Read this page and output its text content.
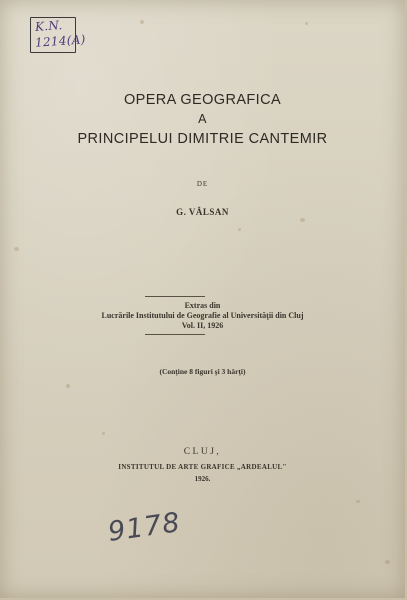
K.N.
1214(A)
OPERA GEOGRAFICA
A
PRINCIPELUI DIMITRIE CANTEMIR
DE
G. VÂLSAN
Extras din
Lucrările Institutului de Geografie al Universităţii din Cluj
Vol. II, 1926
(Conţine 8 figuri şi 3 hărţi)
CLUJ,
INSTITUTUL DE ARTE GRAFICE „ARDEALUL"
1926.
9178
